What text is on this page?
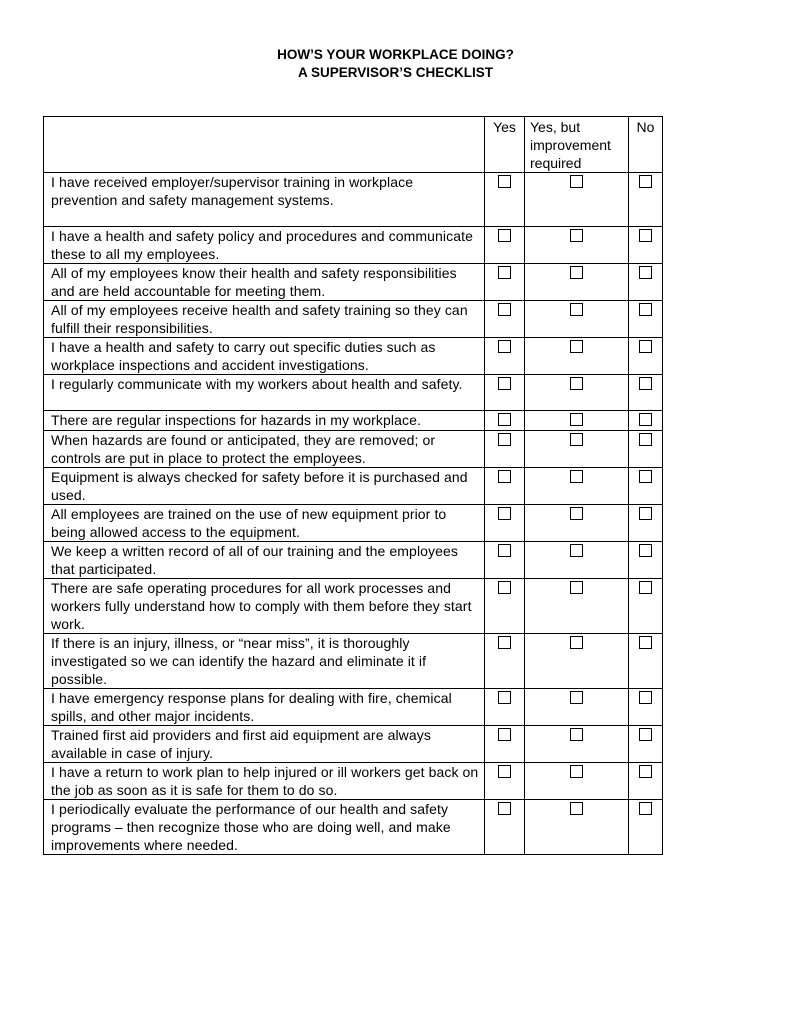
HOW’S YOUR WORKPLACE DOING?
A SUPERVISOR’S CHECKLIST

	Yes	Yes, but
improvement
required	No

I have received employer/supervisor training in workplace prevention and safety management systems.			

I have a health and safety policy and procedures and communicate these to all my employees.			

All of my employees know their health and safety responsibilities and are held accountable for meeting them.			

All of my employees receive health and safety training so they can fulfill their responsibilities.			

I have a health and safety to carry out specific duties such as workplace inspections and accident investigations.			

I regularly communicate with my workers about health and safety.			

There are regular inspections for hazards in my workplace.			

When hazards are found or anticipated, they are removed; or controls are put in place to protect the employees.			

Equipment is always checked for safety before it is purchased and used.			

All employees are trained on the use of new equipment prior to being allowed access to the equipment.			

We keep a written record of all of our training and the employees that participated.			

There are safe operating procedures for all work processes and workers fully understand how to comply with them before they start work.			

If there is an injury, illness, or “near miss”, it is thoroughly investigated so we can identify the hazard and eliminate it if possible.			

I have emergency response plans for dealing with fire, chemical spills, and other major incidents.			

Trained first aid providers and first aid equipment are always available in case of injury.			

I have a return to work plan to help injured or ill workers get back on the job as soon as it is safe for them to do so.			

I periodically evaluate the performance of our health and safety programs – then recognize those who are doing well, and make improvements where needed.			
